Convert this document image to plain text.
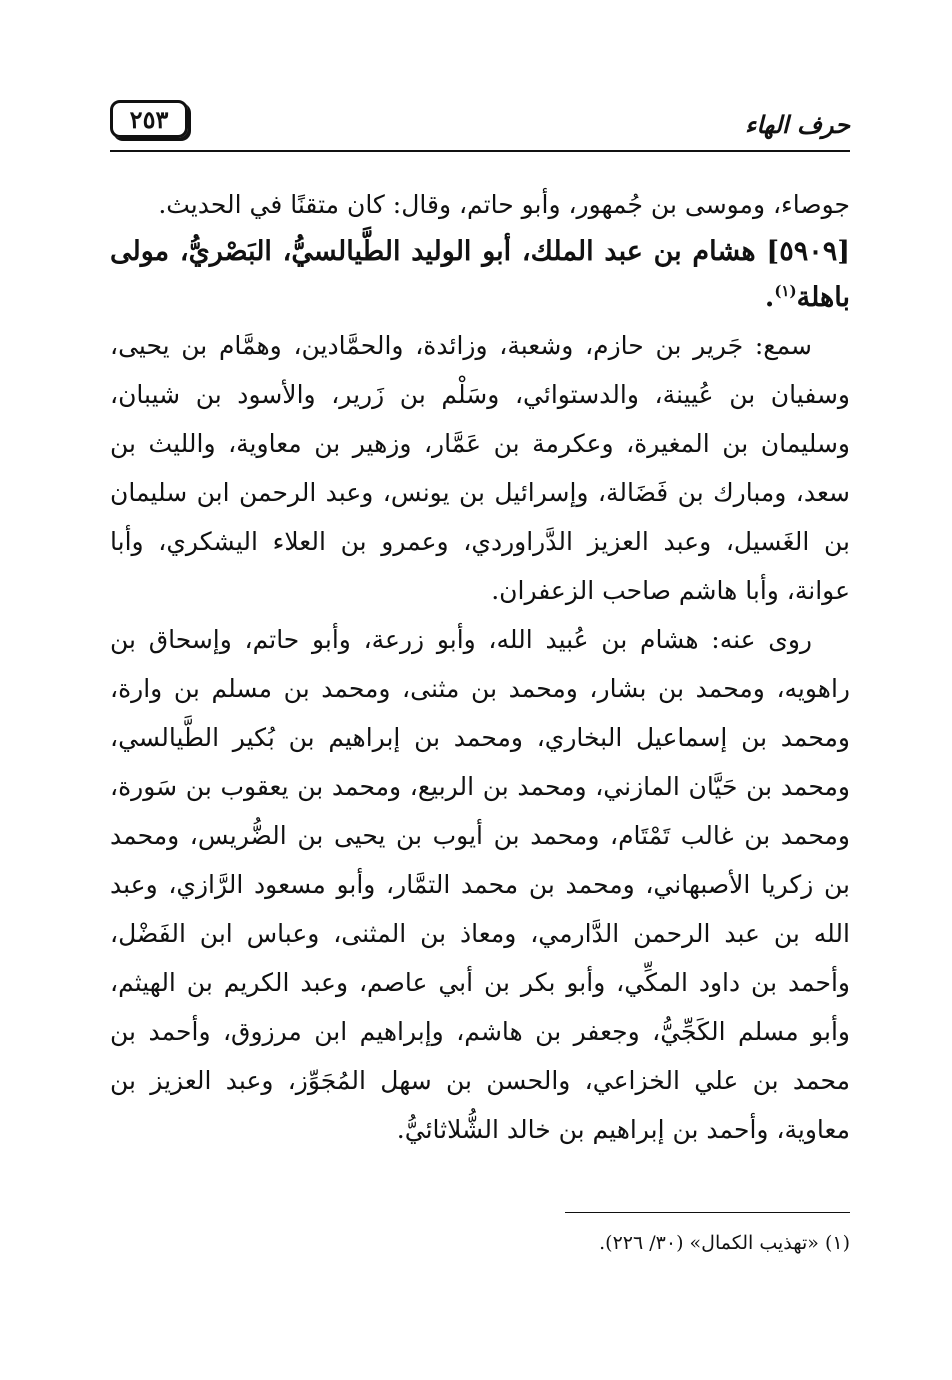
٢٥٣	حرف الهاء

جوصاء، وموسى بن جُمهور، وأبو حاتم، وقال: كان متقنًا في الحديث.

[٥٩٠٩] هشام بن عبد الملك، أبو الوليد الطَّيالسيُّ، البَصْريُّ، مولى باهلة$^{(١)}$.

سمع: جَرير بن حازم، وشعبة، وزائدة، والحمَّادين، وهمَّام بن يحيى، وسفيان بن عُيينة، والدستوائي، وسَلْم بن زَرير، والأسود بن شيبان، وسليمان بن المغيرة، وعكرمة بن عَمَّار، وزهير بن معاوية، والليث بن سعد، ومبارك بن فَضَالة، وإسرائيل بن يونس، وعبد الرحمن ابن سليمان بن الغَسيل، وعبد العزيز الدَّراوردي، وعمرو بن العلاء اليشكري، وأبا عوانة، وأبا هاشم صاحب الزعفران.

روى عنه: هشام بن عُبيد الله، وأبو زرعة، وأبو حاتم، وإسحاق بن راهويه، ومحمد بن بشار، ومحمد بن مثنى، ومحمد بن مسلم بن وارة، ومحمد بن إسماعيل البخاري، ومحمد بن إبراهيم بن بُكير الطَّيالسي، ومحمد بن حَيَّان المازني، ومحمد بن الربيع، ومحمد بن يعقوب بن سَورة، ومحمد بن غالب تَمْتَام، ومحمد بن أيوب بن يحيى بن الضُّريس، ومحمد بن زكريا الأصبهاني، ومحمد بن محمد التمَّار، وأبو مسعود الرَّازي، وعبد الله بن عبد الرحمن الدَّارمي، ومعاذ بن المثنى، وعباس ابن الفَضْل، وأحمد بن داود المكِّي، وأبو بكر بن أبي عاصم، وعبد الكريم بن الهيثم، وأبو مسلم الكَجِّيُّ، وجعفر بن هاشم، وإبراهيم ابن مرزوق، وأحمد بن محمد بن علي الخزاعي، والحسن بن سهل المُجَوِّز، وعبد العزيز بن معاوية، وأحمد بن إبراهيم بن خالد الشُّلاثائيُّ.

(١) «تهذيب الكمال» (٣٠/ ٢٢٦).
